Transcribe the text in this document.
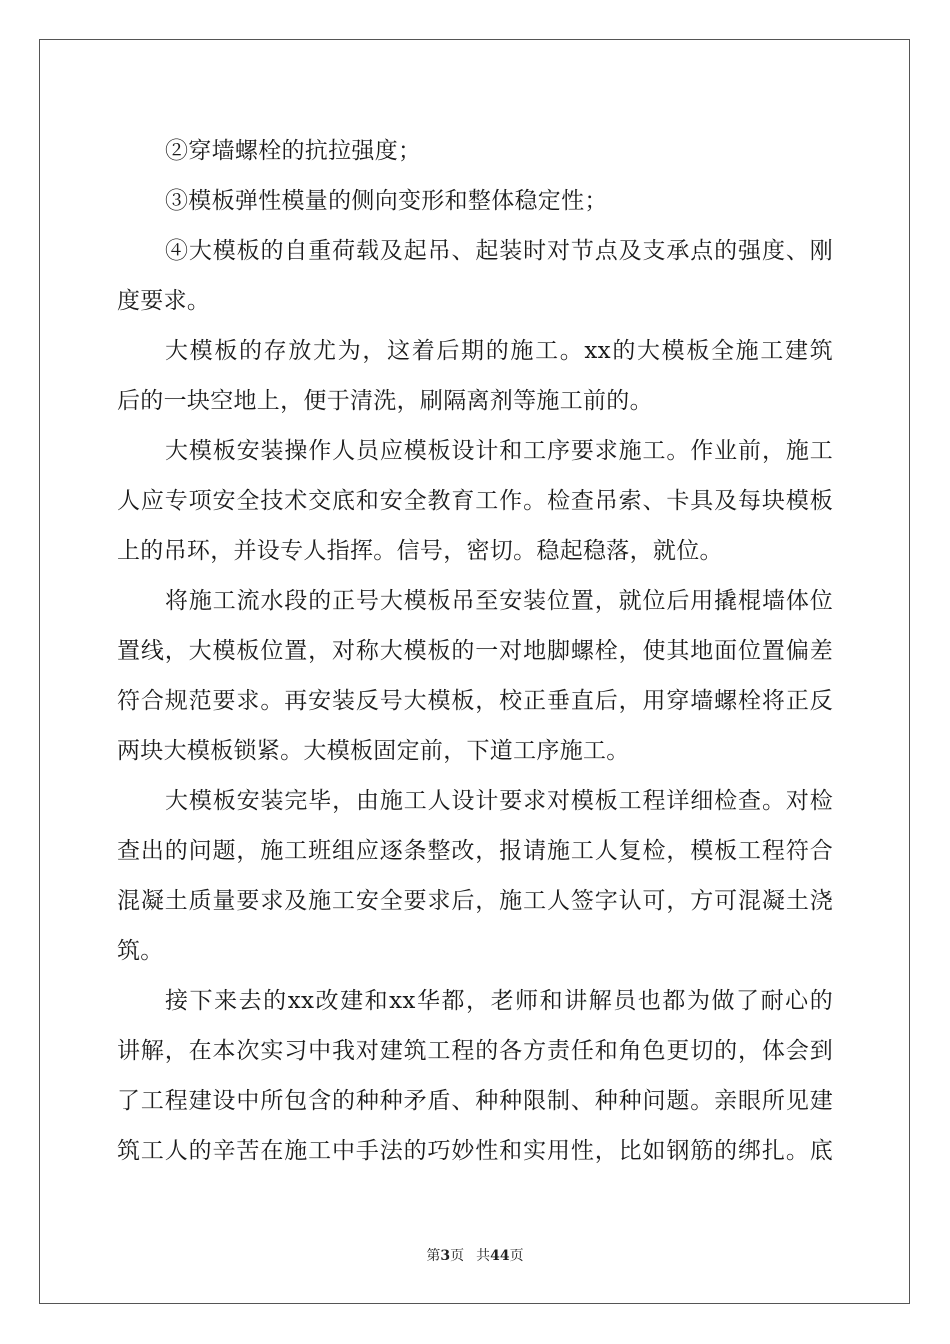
②穿墙螺栓的抗拉强度；
③模板弹性模量的侧向变形和整体稳定性；
④大模板的自重荷载及起吊、起装时对节点及支承点的强度、刚
度要求。
大模板的存放尤为，这着后期的施工。xx的大模板全施工建筑
后的一块空地上，便于清洗，刷隔离剂等施工前的。
大模板安装操作人员应模板设计和工序要求施工。作业前，施工
人应专项安全技术交底和安全教育工作。检查吊索、卡具及每块模板
上的吊环，并设专人指挥。信号，密切。稳起稳落，就位。
将施工流水段的正号大模板吊至安装位置，就位后用撬棍墙体位
置线，大模板位置，对称大模板的一对地脚螺栓，使其地面位置偏差
符合规范要求。再安装反号大模板，校正垂直后，用穿墙螺栓将正反
两块大模板锁紧。大模板固定前，下道工序施工。
大模板安装完毕，由施工人设计要求对模板工程详细检查。对检
查出的问题，施工班组应逐条整改，报请施工人复检，模板工程符合
混凝土质量要求及施工安全要求后，施工人签字认可，方可混凝土浇
筑。
接下来去的xx改建和xx华都，老师和讲解员也都为做了耐心的
讲解，在本次实习中我对建筑工程的各方责任和角色更切的，体会到
了工程建设中所包含的种种矛盾、种种限制、种种问题。亲眼所见建
筑工人的辛苦在施工中手法的巧妙性和实用性，比如钢筋的绑扎。底
第3页 共44页
